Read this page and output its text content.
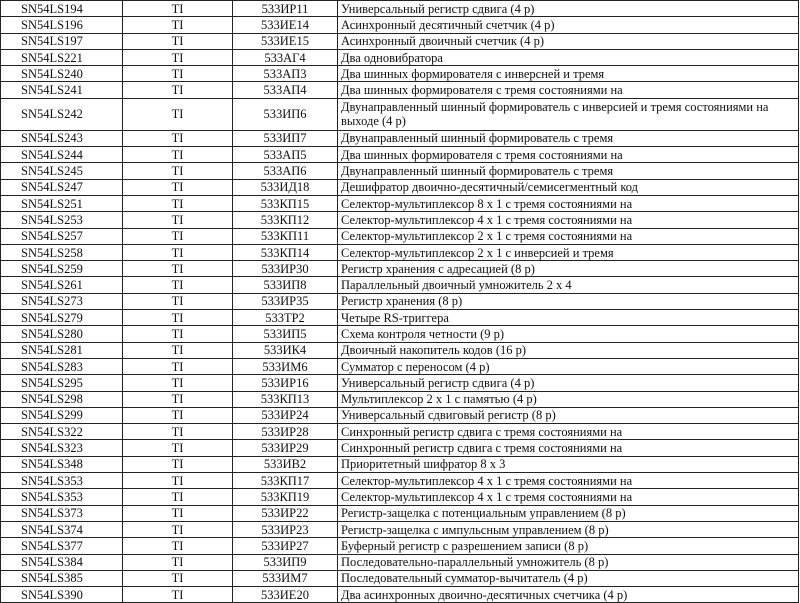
SN54LS194	TI	533ИР11	Универсальный регистр сдвига (4 р)
SN54LS196	TI	533ИЕ14	Асинхронный десятичный счетчик (4 р)
SN54LS197	TI	533ИЕ15	Асинхронный двоичный счетчик (4 р)
SN54LS221	TI	533АГ4	Два одновибратора
SN54LS240	TI	533АП3	Два шинных формирователя с инверсней и тремя
SN54LS241	TI	533АП4	Два шинных формирователя с тремя состояниями на
SN54LS242	TI	533ИП6	Двунаправленный шинный формирователь с инверсией и тремя состояниями на выходе (4 р)
SN54LS243	TI	533ИП7	Двунаправленный шинный формирователь с тремя
SN54LS244	TI	533АП5	Два шинных формирователя с тремя состояниями на
SN54LS245	TI	533АП6	Двунаправленный шинный формирователь с тремя
SN54LS247	TI	533ИД18	Дешифратор двоично-десятичный/семисегментный код
SN54LS251	TI	533КП15	Селектор-мультиплексор 8 х 1 с тремя состояниями на
SN54LS253	TI	533КП12	Селектор-мультиплексор 4 х 1 с тремя состояниями на
SN54LS257	TI	533КП11	Селектор-мультиплексор 2 х 1 с тремя состояниями на
SN54LS258	TI	533КП14	Селектор-мультиплексор 2 х 1 с инверсией и тремя
SN54LS259	TI	533ИР30	Регистр хранения с адресацией (8 р)
SN54LS261	TI	533ИП8	Параллельный двоичный умножитель 2 х 4
SN54LS273	TI	533ИР35	Регистр хранения (8 р)
SN54LS279	TI	533ТР2	Четыре RS-триггера
SN54LS280	TI	533ИП5	Схема контроля четности (9 р)
SN54LS281	TI	533ИК4	Двоичный накопитель кодов (16 р)
SN54LS283	TI	533ИМ6	Сумматор с переносом (4 р)
SN54LS295	TI	533ИР16	Универсальный регистр сдвига (4 р)
SN54LS298	TI	533КП13	Мультиплексор 2 х 1 с памятью (4 р)
SN54LS299	TI	533ИР24	Универсальный сдвиговый регистр (8 р)
SN54LS322	TI	533ИР28	Синхронный регистр сдвига с тремя состояниями на
SN54LS323	TI	533ИР29	Синхронный регистр сдвига с тремя состояниями на
SN54LS348	TI	533ИВ2	Приоритетный шифратор 8 х 3
SN54LS353	TI	533КП17	Селектор-мультиплексор 4 х 1 с тремя состояниями на
SN54LS353	TI	533КП19	Селектор-мультиплексор 4 х 1 с тремя состояниями на
SN54LS373	TI	533ИР22	Регистр-защелка с потенциальным управлением (8 р)
SN54LS374	TI	533ИР23	Регистр-защелка с импульсным управлением (8 р)
SN54LS377	TI	533ИР27	Буферный регистр с разрешением записи (8 р)
SN54LS384	TI	533ИП9	Последовательно-параллельный умножитель (8 р)
SN54LS385	TI	533ИМ7	Последовательный сумматор-вычитатель (4 р)
SN54LS390	TI	533ИЕ20	Два асинхронных двоично-десятичных счетчика (4 р)
